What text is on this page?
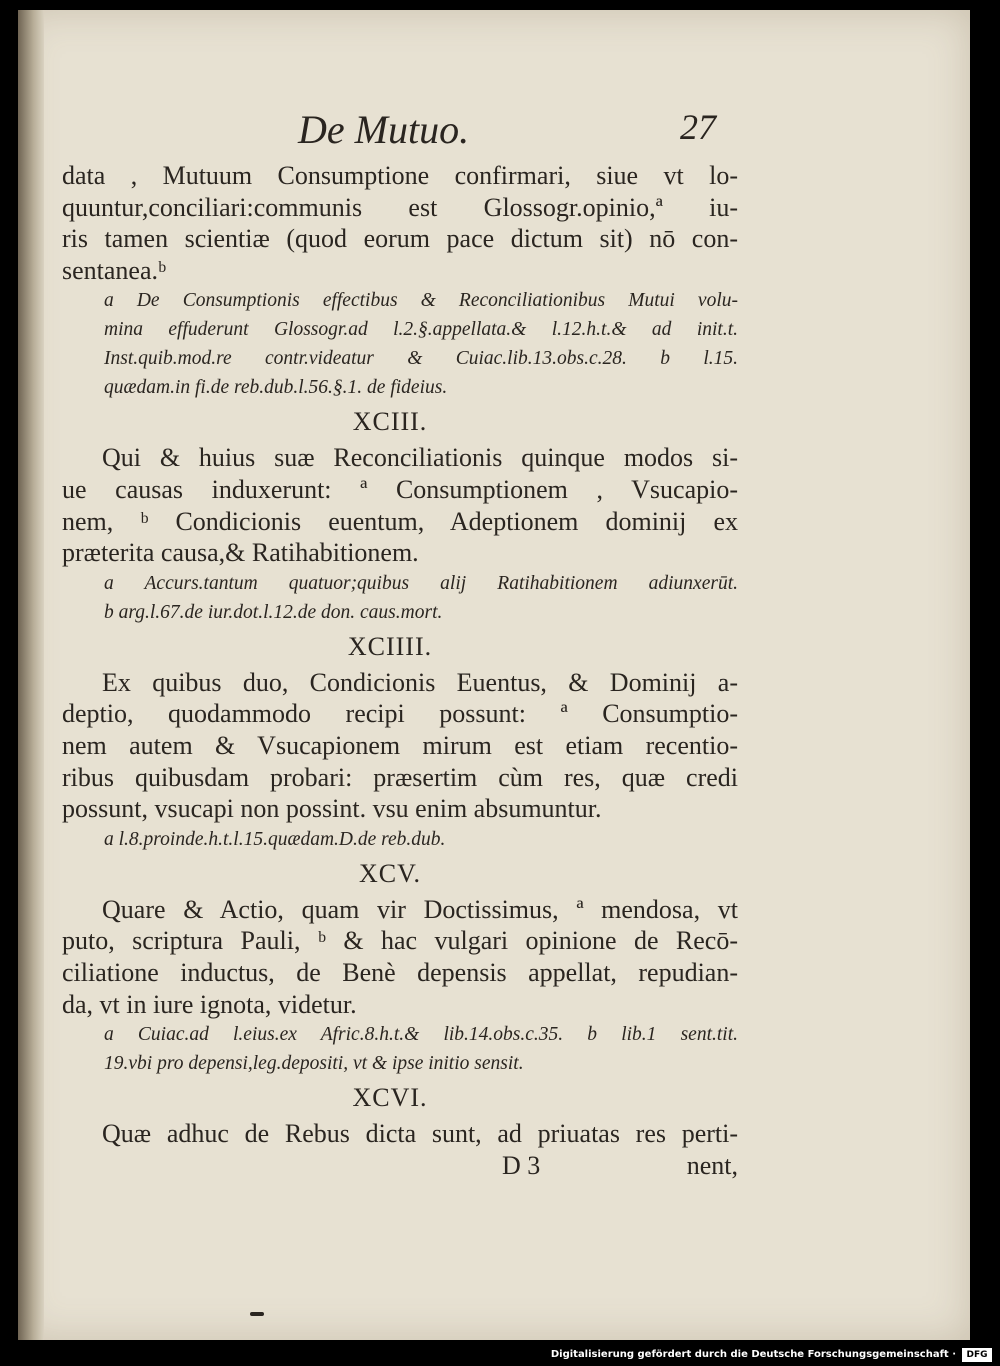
De Mutuo.	27
data , Mutuum Consumptione confirmari, siue vt lo-
quuntur,conciliari:communis est Glossogr.opinio,ª iu-
ris tamen scientiæ (quod eorum pace dictum sit) nō con-
sentanea.ᵇ
a De Consumptionis effectibus & Reconciliationibus Mutui volu-
mina effuderunt Glossogr.ad l.2.§.appellata.& l.12.h.t.& ad init.t.
Inst.quib.mod.re contr.videatur & Cuiac.lib.13.obs.c.28. b l.15.
quædam.in fi.de reb.dub.l.56.§.1. de fideius.
XCIII.
Qui & huius suæ Reconciliationis quinque modos si-
ue causas induxerunt: ª Consumptionem , Vsucapio-
nem, ᵇ Condicionis euentum, Adeptionem dominij ex
præterita causa,& Ratihabitionem.
a Accurs.tantum quatuor;quibus alij Ratihabitionem adiunxerūt.
b arg.l.67.de iur.dot.l.12.de don. caus.mort.
XCIIII.
Ex quibus duo, Condicionis Euentus, & Dominij a-
deptio, quodammodo recipi possunt: ª Consumptio-
nem autem & Vsucapionem mirum est etiam recentio-
ribus quibusdam probari: præsertim cùm res, quæ credi
possunt, vsucapi non possint. vsu enim absumuntur.
a l.8.proinde.h.t.l.15.quædam.D.de reb.dub.
XCV.
Quare & Actio, quam vir Doctissimus, ª mendosa, vt
puto, scriptura Pauli, ᵇ & hac vulgari opinione de Recō-
ciliatione inductus, de Benè depensis appellat, repudian-
da, vt in iure ignota, videtur.
a Cuiac.ad l.eius.ex Afric.8.h.t.& lib.14.obs.c.35. b lib.1 sent.tit.
19.vbi pro depensi,leg.depositi, vt & ipse initio sensit.
XCVI.
Quæ adhuc de Rebus dicta sunt, ad priuatas res perti-
D 3	nent,
Digitalisierung gefördert durch die Deutsche Forschungsgemeinschaft ·	DFG
